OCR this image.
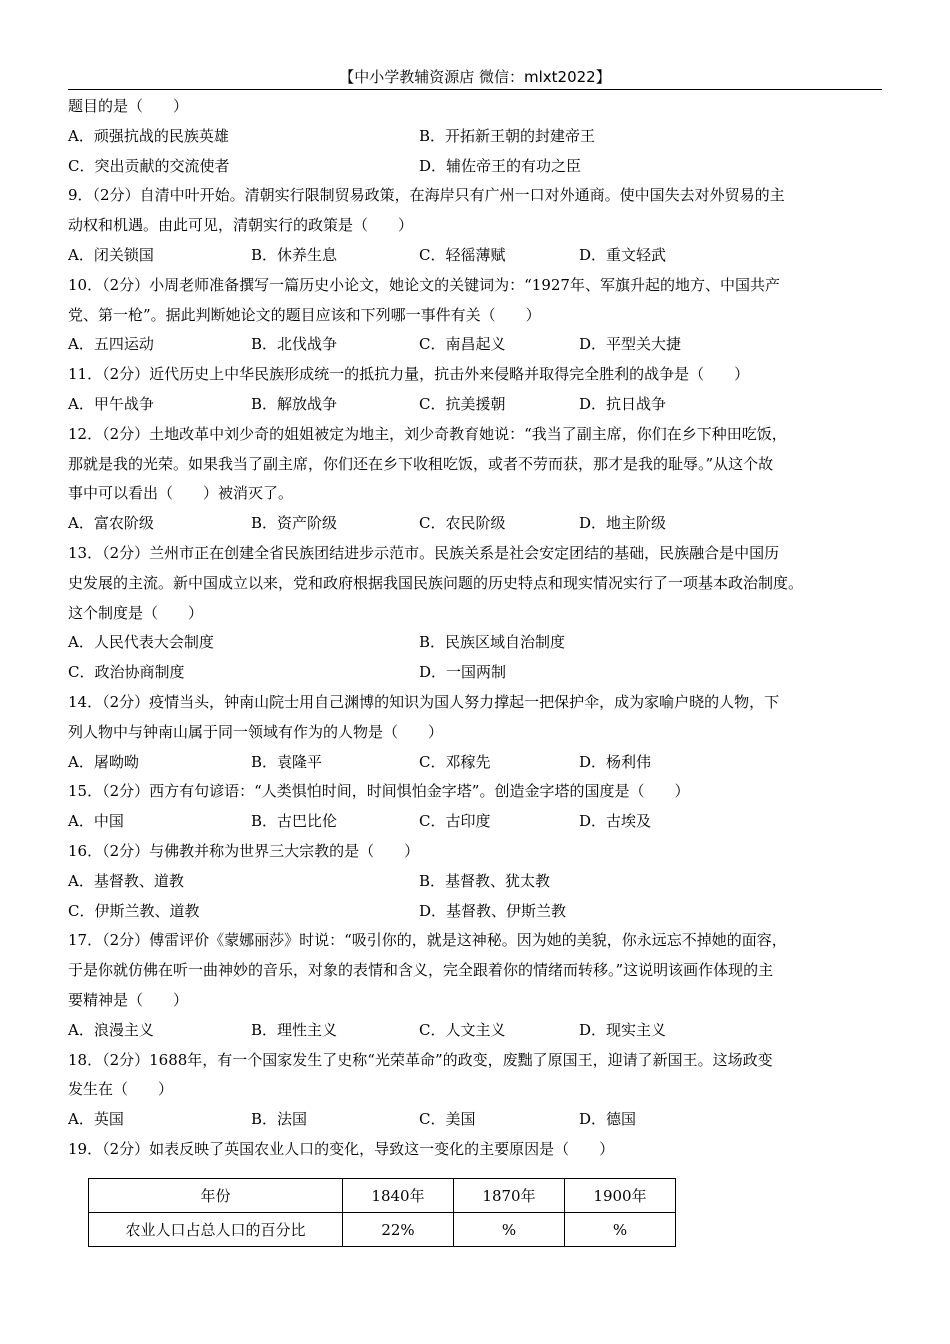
【中小学教辅资源店 微信：mlxt2022】
题目的是（　　）
A．顽强抗战的民族英雄	B．开拓新王朝的封建帝王
C．突出贡献的交流使者	D．辅佐帝王的有功之臣
9．（2分）自清中叶开始。清朝实行限制贸易政策，在海岸只有广州一口对外通商。使中国失去对外贸易的主
动权和机遇。由此可见，清朝实行的政策是（　　）
A．闭关锁国	B．休养生息	C．轻徭薄赋	D．重文轻武
10．（2分）小周老师准备撰写一篇历史小论文，她论文的关键词为：“1927年、军旗升起的地方、中国共产
党、第一枪”。据此判断她论文的题目应该和下列哪一事件有关（　　）
A．五四运动	B．北伐战争	C．南昌起义	D．平型关大捷
11．（2分）近代历史上中华民族形成统一的抵抗力量，抗击外来侵略并取得完全胜利的战争是（　　）
A．甲午战争	B．解放战争	C．抗美援朝	D．抗日战争
12．（2分）土地改革中刘少奇的姐姐被定为地主，刘少奇教育她说：“我当了副主席，你们在乡下种田吃饭，
那就是我的光荣。如果我当了副主席，你们还在乡下收租吃饭，或者不劳而获，那才是我的耻辱。”从这个故
事中可以看出（　　）被消灭了。
A．富农阶级	B．资产阶级	C．农民阶级	D．地主阶级
13．（2分）兰州市正在创建全省民族团结进步示范市。民族关系是社会安定团结的基础，民族融合是中国历
史发展的主流。新中国成立以来，党和政府根据我国民族问题的历史特点和现实情况实行了一项基本政治制度。
这个制度是（　　）
A．人民代表大会制度	B．民族区域自治制度
C．政治协商制度	D．一国两制
14．（2分）疫情当头，钟南山院士用自己渊博的知识为国人努力撑起一把保护伞，成为家喻户晓的人物，下
列人物中与钟南山属于同一领域有作为的人物是（　　）
A．屠呦呦	B．袁隆平	C．邓稼先	D．杨利伟
15．（2分）西方有句谚语：“人类惧怕时间，时间惧怕金字塔”。创造金字塔的国度是（　　）
A．中国	B．古巴比伦	C．古印度	D．古埃及
16．（2分）与佛教并称为世界三大宗教的是（　　）
A．基督教、道教	B．基督教、犹太教
C．伊斯兰教、道教	D．基督教、伊斯兰教
17．（2分）傅雷评价《蒙娜丽莎》时说：“吸引你的，就是这神秘。因为她的美貌，你永远忘不掉她的面容，
于是你就仿佛在听一曲神妙的音乐，对象的表情和含义，完全跟着你的情绪而转移。”这说明该画作体现的主
要精神是（　　）
A．浪漫主义	B．理性主义	C．人文主义	D．现实主义
18．（2分）1688年，有一个国家发生了史称“光荣革命”的政变，废黜了原国王，迎请了新国王。这场政变
发生在（　　）
A．英国	B．法国	C．美国	D．德国
19．（2分）如表反映了英国农业人口的变化，导致这一变化的主要原因是（　　）
年份	1840年	1870年	1900年
农业人口占总人口的百分比	22%	%	%
